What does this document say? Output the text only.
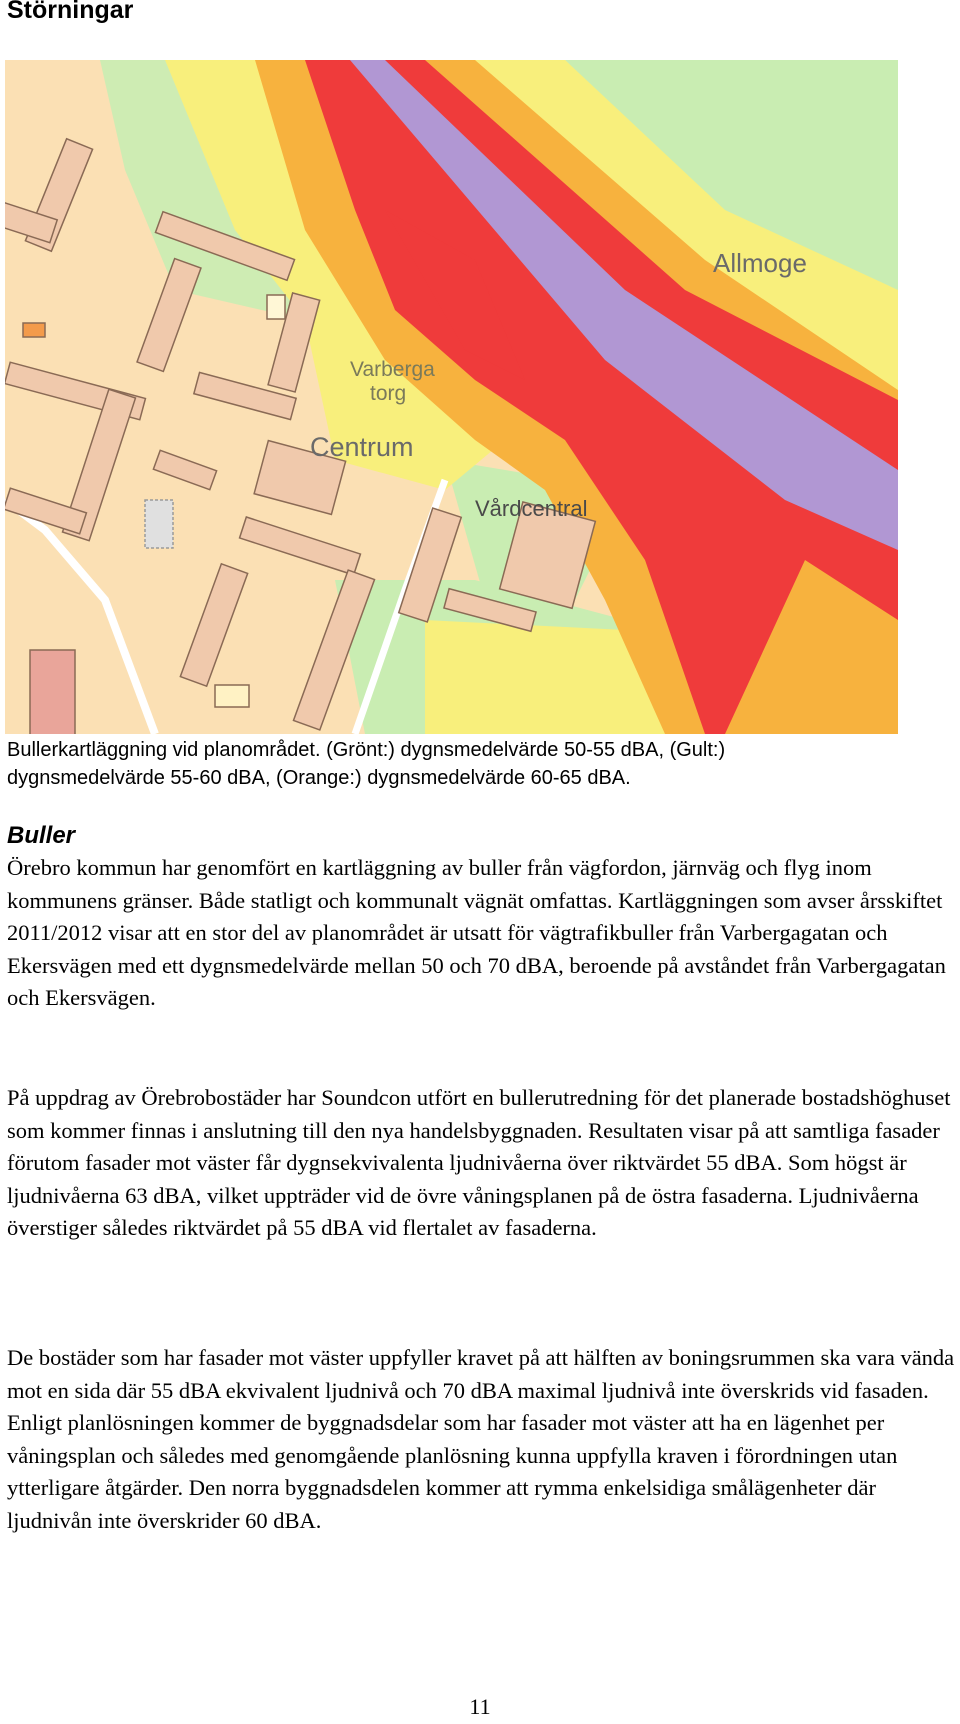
Störningar
Varberga
torg
Centrum
Vårdcentral
Allmoge
Bullerkartläggning vid planområdet. (Grönt:) dygnsmedelvärde 50-55 dBA, (Gult:)
dygnsmedelvärde 55-60 dBA, (Orange:) dygnsmedelvärde 60-65 dBA.
Buller

Örebro kommun har genomfört en kartläggning av buller från vägfordon, järnväg och flyg inom kommunens gränser. Både statligt och kommunalt vägnät omfattas. Kartläggningen som avser årsskiftet 2011/2012 visar att en stor del av planområdet är utsatt för vägtrafikbuller från Varbergagatan och Ekersvägen med ett dygnsmedelvärde mellan 50 och 70 dBA, beroende på avståndet från Varbergagatan och Ekersvägen.

På uppdrag av Örebrobostäder har Soundcon utfört en bullerutredning för det planerade bostadshöghuset som kommer finnas i anslutning till den nya handelsbyggnaden. Resultaten visar på att samtliga fasader förutom fasader mot väster får dygnsekvivalenta ljudnivåerna över riktvärdet 55 dBA. Som högst är ljudnivåerna 63 dBA, vilket uppträder vid de övre våningsplanen på de östra fasaderna. Ljudnivåerna överstiger således riktvärdet på 55 dBA vid flertalet av fasaderna.

De bostäder som har fasader mot väster uppfyller kravet på att hälften av boningsrummen ska vara vända mot en sida där 55 dBA ekvivalent ljudnivå och 70 dBA maximal ljudnivå inte överskrids vid fasaden. Enligt planlösningen kommer de byggnadsdelar som har fasader mot väster att ha en lägenhet per våningsplan och således med genomgående planlösning kunna uppfylla kraven i förordningen utan ytterligare åtgärder. Den norra byggnadsdelen kommer att rymma enkelsidiga smålägenheter där ljudnivån inte överskrider 60 dBA.

11
